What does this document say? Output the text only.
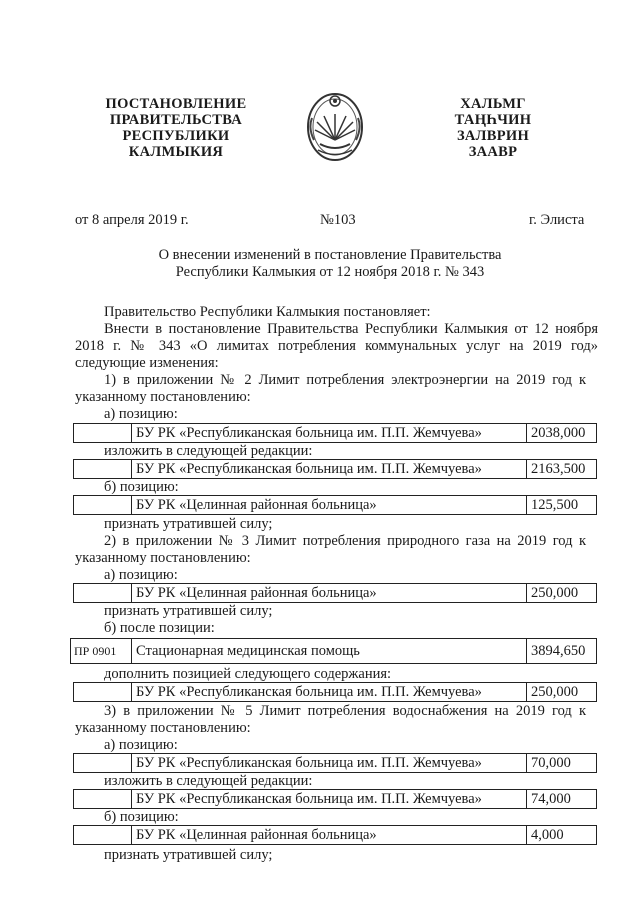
ПОСТАНОВЛЕНИЕ
ПРАВИТЕЛЬСТВА
РЕСПУБЛИКИ
КАЛМЫКИЯ
ХАЛЬМГ
ТАҢҺЧИН
ЗАЛВРИН
ЗААВР
от 8 апреля 2019 г.	№103	г. Элиста
О внесении изменений в постановление Правительства
Республики Калмыкия от 12 ноября 2018 г. № 343
Правительство Республики Калмыкия постановляет:
Внести в постановление Правительства Республики Калмыкия от 12 ноября
2018 г. № 343 «О лимитах потребления коммунальных услуг на 2019 год»
следующие изменения:
1) в приложении № 2 Лимит потребления электроэнергии на 2019 год к
указанному постановлению:
а) позицию:
БУ РК «Республиканская больница им. П.П. Жемчуева»	2038,000
изложить в следующей редакции:
БУ РК «Республиканская больница им. П.П. Жемчуева»	2163,500
б) позицию:
БУ РК «Целинная районная больница»	125,500
признать утратившей силу;
2) в приложении № 3 Лимит потребления природного газа на 2019 год к
указанному постановлению:
а) позицию:
БУ РК «Целинная районная больница»	250,000
признать утратившей силу;
б) после позиции:
ПР 0901	Стационарная медицинская помощь	3894,650
дополнить позицией следующего содержания:
БУ РК «Республиканская больница им. П.П. Жемчуева»	250,000
3) в приложении № 5 Лимит потребления водоснабжения на 2019 год к
указанному постановлению:
а) позицию:
БУ РК «Республиканская больница им. П.П. Жемчуева»	70,000
изложить в следующей редакции:
БУ РК «Республиканская больница им. П.П. Жемчуева»	74,000
б) позицию:
БУ РК «Целинная районная больница»	4,000
признать утратившей силу;
